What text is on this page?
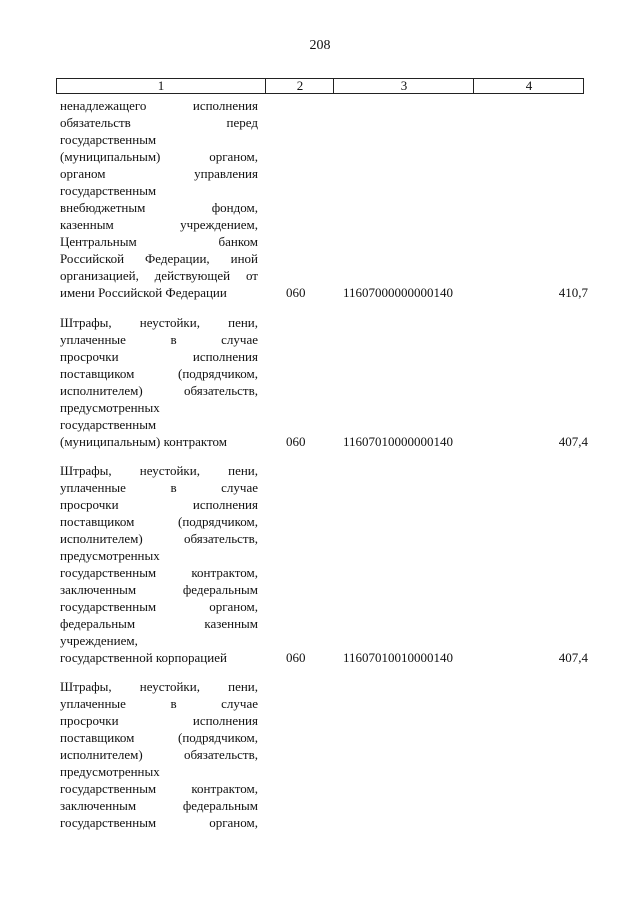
208
1	2	3	4
ненадлежащего исполнения
обязательств перед
государственным
(муниципальным) органом,
органом управления
государственным
внебюджетным фондом,
казенным учреждением,
Центральным банком
Российской Федерации, иной
организацией, действующей от
имени Российской Федерации	060	11607000000000140	410,7
Штрафы, неустойки, пени,
уплаченные в случае
просрочки исполнения
поставщиком (подрядчиком,
исполнителем) обязательств,
предусмотренных
государственным
(муниципальным) контрактом	060	11607010000000140	407,4
Штрафы, неустойки, пени,
уплаченные в случае
просрочки исполнения
поставщиком (подрядчиком,
исполнителем) обязательств,
предусмотренных
государственным контрактом,
заключенным федеральным
государственным органом,
федеральным казенным
учреждением,
государственной корпорацией	060	11607010010000140	407,4
Штрафы, неустойки, пени,
уплаченные в случае
просрочки исполнения
поставщиком (подрядчиком,
исполнителем) обязательств,
предусмотренных
государственным контрактом,
заключенным федеральным
государственным органом,
